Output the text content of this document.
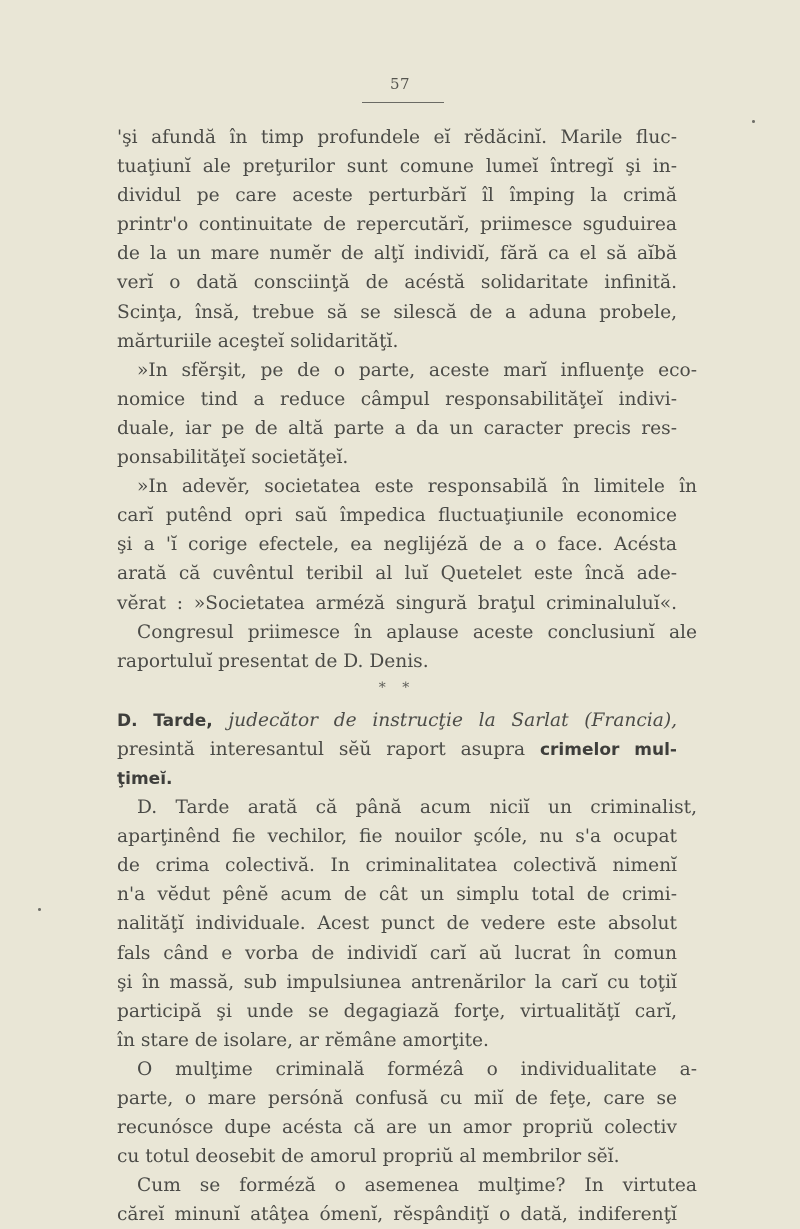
57
'şi afundă în timp profundele eĭ rĕdăcinĭ. Marile fluc-
tuaţiunĭ ale preţurilor sunt comune lumeĭ întregĭ şi in-
dividul pe care aceste perturbărĭ îl împing la crimă
printr'o continuitate de repercutărĭ, priimesce sguduirea
de la un mare numĕr de alţĭ individĭ, fără ca el să aĭbă
verĭ o dată consciinţă de acéstă solidaritate infinită.
Scinţa, însă, trebue să se silescă de a aduna probele,
mărturiile aceşteĭ solidarităţĭ.
»In sfĕrşit, pe de o parte, aceste marĭ influenţe eco-
nomice tind a reduce câmpul responsabilităţeĭ indivi-
duale, iar pe de altă parte a da un caracter precis res-
ponsabilităţeĭ societăţeĭ.
»In adevĕr, societatea este responsabilă în limitele în
carĭ putênd opri saŭ împedica fluctuaţiunile economice
şi a 'ĭ corige efectele, ea neglijéză de a o face. Acésta
arată că cuvêntul teribil al luĭ Quetelet este încă ade-
vĕrat : »Societatea arméză singură braţul criminaluluĭ«.
Congresul priimesce în aplause aceste conclusiunĭ ale
raportuluĭ presentat de D. Denis.
* *
D. Tarde, judecător de instrucţie la Sarlat (Francia),
presintă interesantul sĕŭ raport asupra crimelor mul-
ţimeĭ.
D. Tarde arată că până acum niciĭ un criminalist,
aparţinênd fie vechilor, fie nouilor şcóle, nu s'a ocupat
de crima colectivă. In criminalitatea colectivă nimenĭ
n'a vĕdut pênĕ acum de cât un simplu total de crimi-
nalităţĭ individuale. Acest punct de vedere este absolut
fals când e vorba de individĭ carĭ aŭ lucrat în comun
şi în massă, sub impulsiunea antrenărilor la carĭ cu toţiĭ
participă şi unde se degagiază forţe, virtualităţĭ carĭ,
în stare de isolare, ar rĕmâne amorţite.
O mulţime criminală formézâ o individualitate a-
parte, o mare persónă confusă cu miĭ de feţe, care se
recunósce dupe acésta că are un amor propriŭ colectiv
cu totul deosebit de amorul propriŭ al membrilor sĕĭ.
Cum se forméză o asemenea mulţime? In virtutea
căreĭ minunĭ atâţea ómenĭ, rĕspândiţĭ o dată, indiferenţĭ
